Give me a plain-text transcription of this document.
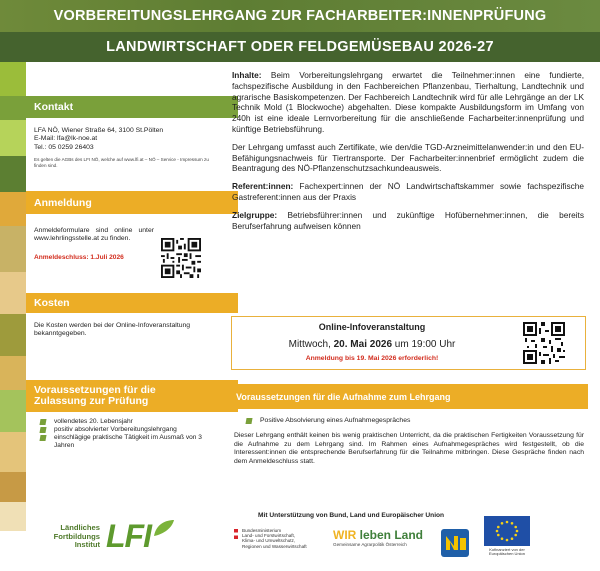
VORBEREITUNGSLEHRGANG ZUR FACHARBEITER:INNENPRÜFUNG
LANDWIRTSCHAFT ODER FELDGEMÜSEBAU 2026-27
Kontakt
LFA NÖ, Wiener Straße 64, 3100 St.Pölten
E-Mail: lfa@lk-noe.at
Tel.: 05 0259 26403
Es gelten die AGBs des LFI NÖ, welche auf www.lfi.at – NÖ – Service - Impressum zu finden sind.
Anmeldung
Anmeldeformulare sind online unter www.lehrlingsstelle.at zu finden.
Anmeldeschluss: 1.Juli 2026
Kosten
Die Kosten werden bei der Online-Infoveranstaltung bekanntgegeben.
Voraussetzungen für die
Zulassung zur Prüfung
vollendetes 20. Lebensjahr
positiv absolvierter Vorbereitungslehrgang
einschlägige praktische Tätigkeit im Ausmaß von 3 Jahren
Ländliches
Fortbildungs
Institut LFI

Inhalte: Beim Vorbereitungslehrgang erwartet die Teilnehmer:innen eine fundierte, fachspezifische Ausbildung in den Fachbereichen Pflanzenbau, Tierhaltung, Landtechnik und agrarische Basiskompetenzen. Der Fachbereich Landtechnik wird für alle Lehrgänge an der LK Technik Mold (1 Blockwoche) abgehalten. Diese kompakte Ausbildungsform im Umfang von 240h ist eine ideale Lernvorbereitung für die anschließende Facharbeiter:innenprüfung und künftige Betriebsführung.

Der Lehrgang umfasst auch Zertifikate, wie den/die TGD-Arzneimittelanwender:in und den EU-Befähigungsnachweis für Tiertransporte. Der Facharbeiter:innenbrief ermöglicht zudem die Beantragung des NÖ-Pflanzenschutzsachkundeausweis.

Referent:innen: Fachexpert:innen der NÖ Landwirtschaftskammer sowie fachspezifische Gastreferent:innen aus der Praxis

Zielgruppe: Betriebsführer:innen und zukünftige Hofübernehmer:innen, die bereits Berufserfahrung aufweisen können

Online-Infoveranstaltung
Mittwoch, 20. Mai 2026 um 19:00 Uhr
Anmeldung bis 19. Mai 2026 erforderlich!
Voraussetzungen für die Aufnahme zum Lehrgang
Positive Absolvierung eines Aufnahmegespräches
Dieser Lehrgang enthält keinen bis wenig praktischen Unterricht, da die praktischen Fertigkeiten Voraussetzung für die Aufnahme zu dem Lehrgang sind. Im Rahmen eines Aufnahmegespräches wird festgestellt, ob die Interessent:innen die entsprechende Berufserfahrung für die Teilnahme mitbringen. Diese Gespräche finden nach dem Anmeldeschluss statt.
Mit Unterstützung von Bund, Land und Europäischer Union
Bundesministerium
Land- und Forstwirtschaft,
Klima- und Umweltschutz,
Regionen und Wasserwirtschaft
WIR leben Land
Gemeinsame Agrarpolitik Österreich
Kofinanziert von der Europäischen Union
